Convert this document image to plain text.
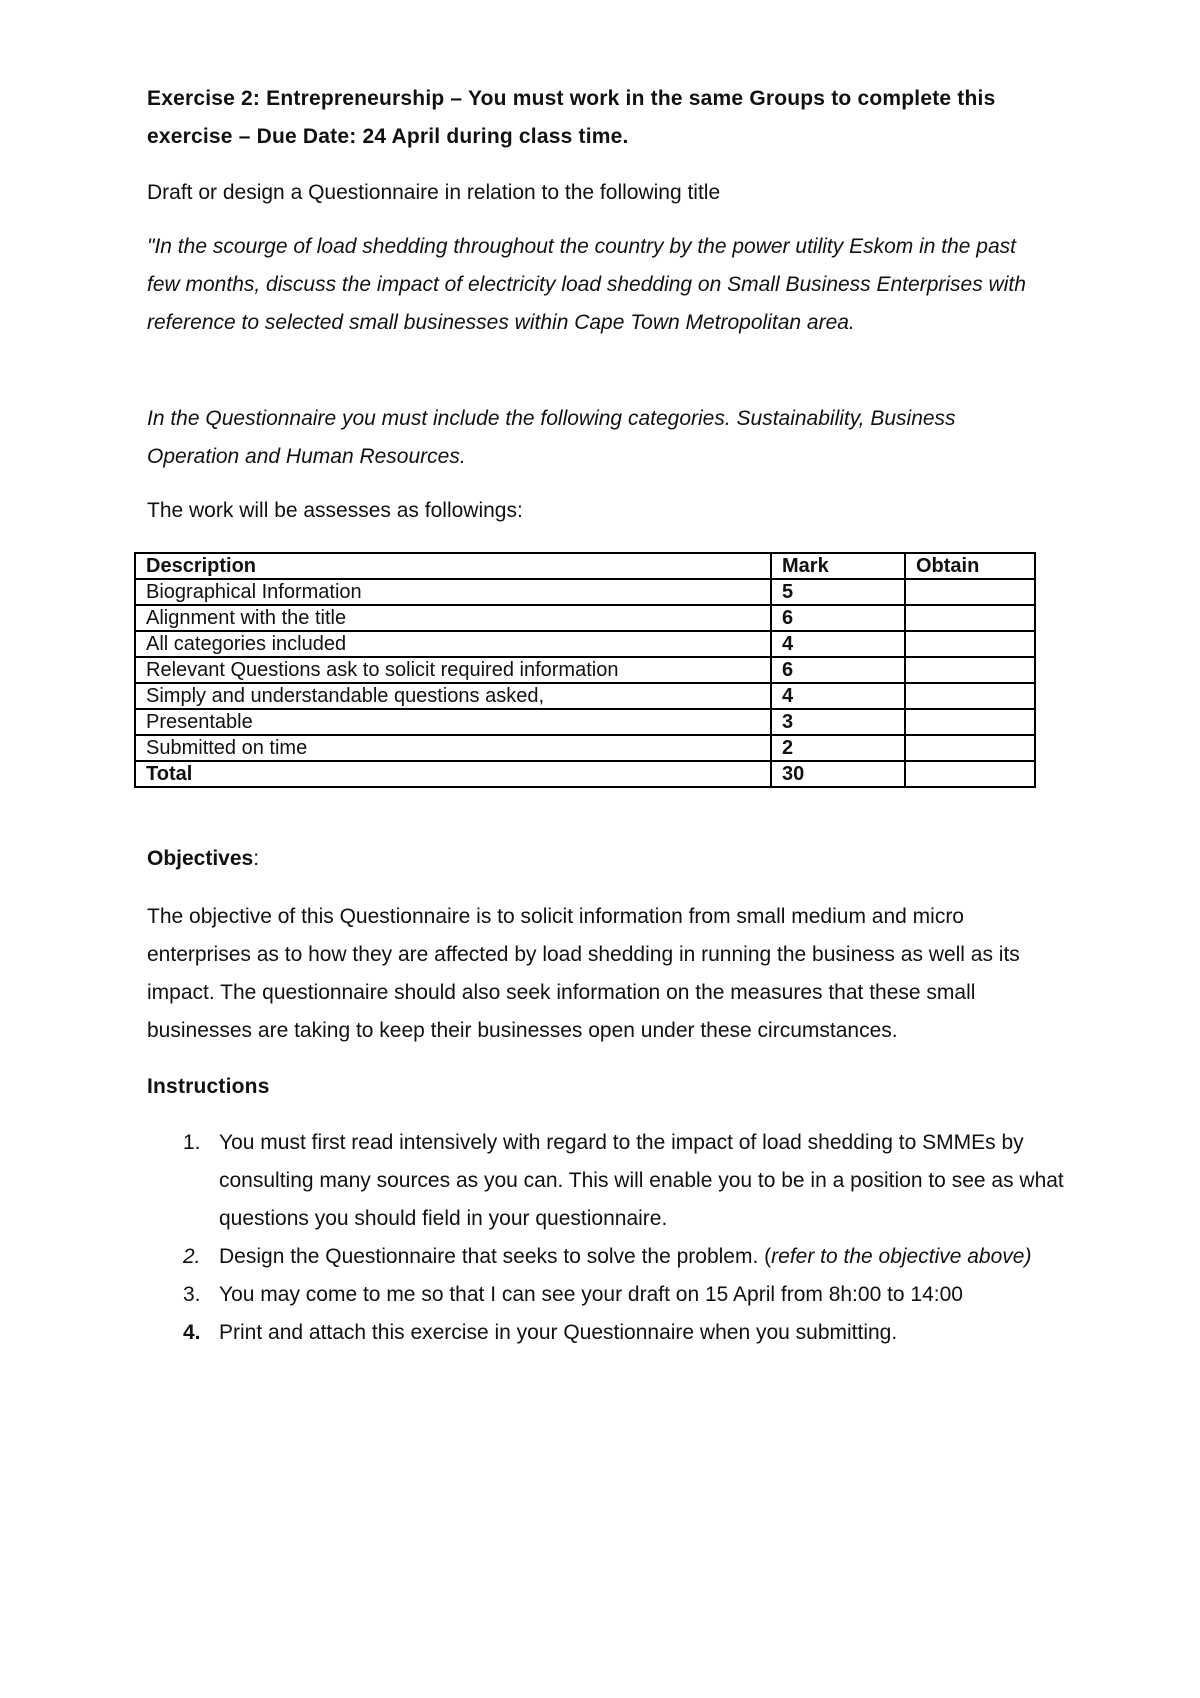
Exercise 2: Entrepreneurship – You must work in the same Groups to complete this
exercise – Due Date: 24 April during class time.

Draft or design a Questionnaire in relation to the following title

"In the scourge of load shedding throughout the country by the power utility Eskom in the past few months, discuss the impact of electricity load shedding on Small Business Enterprises with reference to selected small businesses within Cape Town Metropolitan area.

In the Questionnaire you must include the following categories. Sustainability, Business Operation and Human Resources.

The work will be assesses as followings:

Description	Mark	Obtain
Biographical Information	5	
Alignment with the title	6	
All categories included	4	
Relevant Questions ask to solicit required information	6	
Simply and understandable questions asked,	4	
Presentable	3	
Submitted on time	2	
Total	30	

Objectives:

The objective of this Questionnaire is to solicit information from small medium and micro enterprises as to how they are affected by load shedding in running the business as well as its impact. The questionnaire should also seek information on the measures that these small businesses are taking to keep their businesses open under these circumstances.

Instructions

1. You must first read intensively with regard to the impact of load shedding to SMMEs by consulting many sources as you can. This will enable you to be in a position to see as what questions you should field in your questionnaire.
2. Design the Questionnaire that seeks to solve the problem. (refer to the objective above)
3. You may come to me so that I can see your draft on 15 April from 8h:00 to 14:00
4. Print and attach this exercise in your Questionnaire when you submitting.
